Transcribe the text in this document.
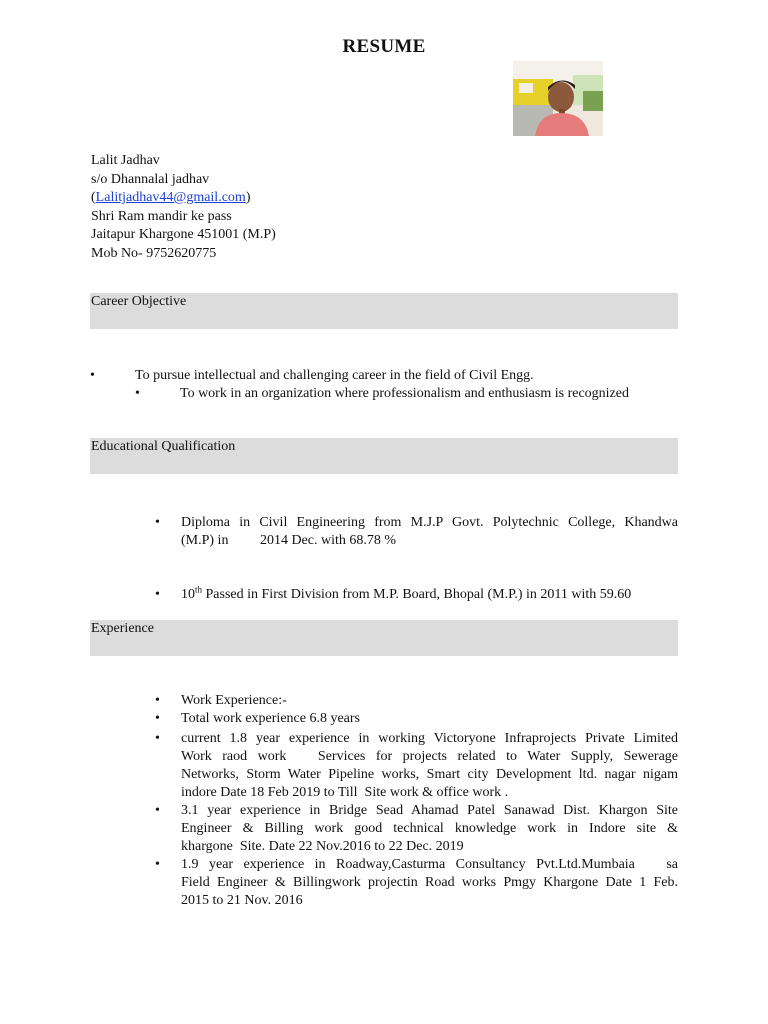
RESUME
Lalit Jadhav
s/o Dhannalal jadhav
(Lalitjadhav44@gmail.com)
Shri Ram mandir ke pass
Jaitapur Khargone 451001 (M.P)
Mob No- 9752620775
Career Objective
•	To pursue intellectual and challenging career in the field of Civil Engg.
•	To work in an organization where professionalism and enthusiasm is recognized
Educational Qualification
• Diploma in Civil Engineering from M.J.P Govt. Polytechnic College, Khandwa
(M.P) in         2014 Dec. with 68.78 %
• 10th Passed in First Division from M.P. Board, Bhopal (M.P.) in 2011 with 59.60
Experience
• Work Experience:-
• Total work experience 6.8 years
• current 1.8 year experience in working Victoryone Infraprojects Private Limited
Work raod work   Services for projects related to Water Supply, Sewerage
Networks, Storm Water Pipeline works, Smart city Development ltd. nagar nigam
indore Date 18 Feb 2019 to Till  Site work & office work .
• 3.1 year experience in Bridge Sead Ahamad Patel Sanawad Dist. Khargon Site
Engineer & Billing work good technical knowledge work in Indore site &
khargone  Site. Date 22 Nov.2016 to 22 Dec. 2019
• 1.9 year experience in Roadway,Casturma Consultancy Pvt.Ltd.Mumbaia   sa
Field Engineer & Billingwork projectin Road works Pmgy Khargone Date 1 Feb.
2015 to 21 Nov. 2016
